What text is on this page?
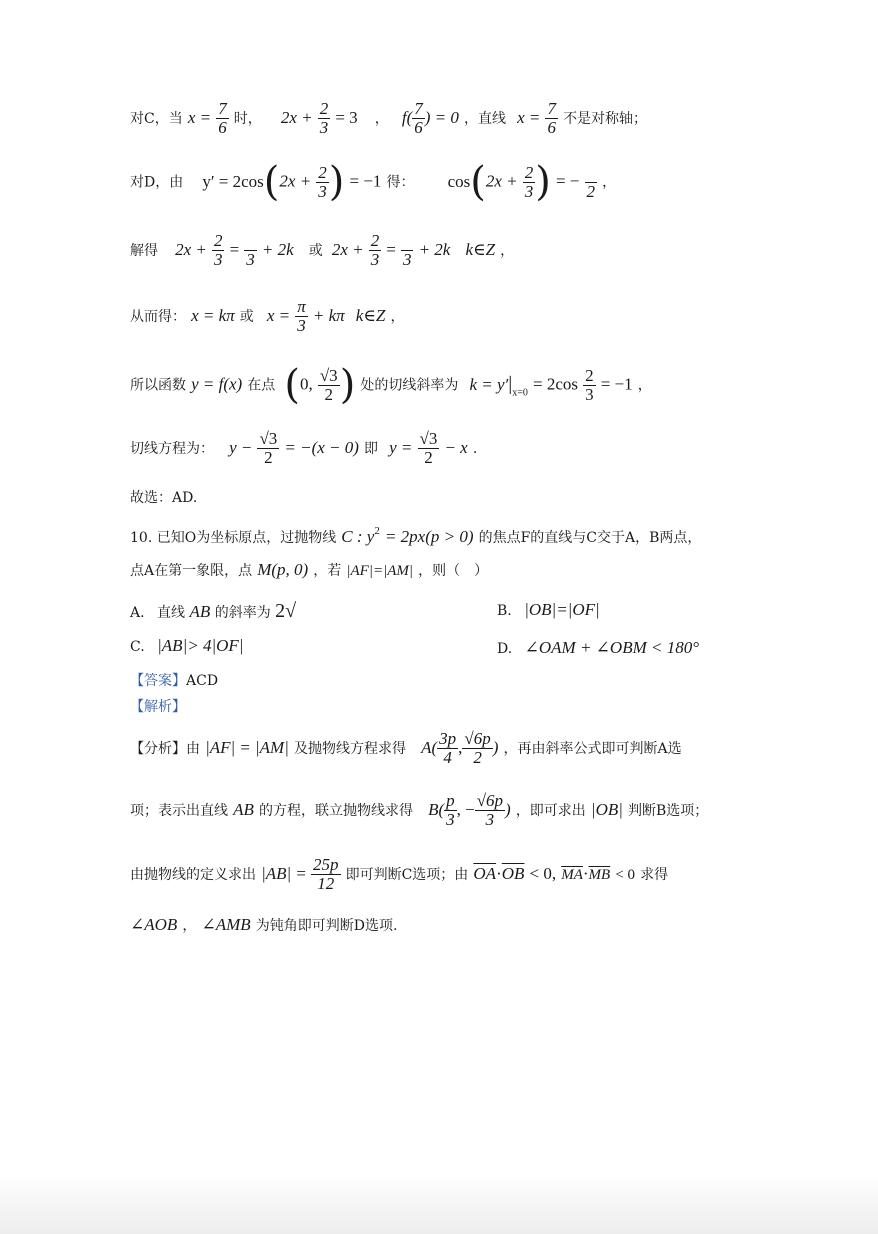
对C，当 $x = \frac{7}{6}$ 时， $2x + \frac{2}{3} = 3$ ， $f( \frac{7}{6}$ ) = 0 ，直线 $x = \frac{7}{6}$ 不是对称轴；
对D，由 $y' = 2\cos(2x + \frac{2}{3}$ ) = −1 得： $\cos(2x + \frac{2}{3}$ ) = −

2 ，
解得 $2x + \frac{2}{3}$ =

3
+ 2k 或 $2x + \frac{2}{3}$ =

3
+ 2k k∈Z ，
从而得： x = kπ 或 $x = \frac{\pi}{3} + k\pi$ k∈Z ，
所以函数 y = f(x) 在点 (0, $\frac{√3}{2}$ ) 处的切线斜率为 $k = y'|_{x=0} = 2\cos \frac{2}{3} = -1$ ，
切线方程为： $y - \frac{√3}{2} = -(x - 0)$ 即 $y = \frac{√3}{2} - x$ .
故选：AD.
10. 已知O为坐标原点，过抛物线 C : $y^2 = 2px(p > 0)$ 的焦点F的直线与C交于A，B两点，
点A在第一象限，点 M(p, 0) ，若 |AF|=|AM| ，则（　）
A. 直线 AB 的斜率为 2√	B. |OB|=|OF|
C. |AB|> 4|OF|	D. ∠OAM + ∠OBM < 180°
【答案】ACD
【解析】
【分析】由 |AF| = |AM| 及抛物线方程求得 $A( \frac{3p}{4}$ , $\frac{√6p}{2}$ ) ，再由斜率公式即可判断A选
项；表示出直线 AB 的方程，联立抛物线求得 $B( \frac{p}{3}$ , − $\frac{√6p}{3}$ ) ，即可求出 |OB| 判断B选项；
由抛物线的定义求出 $|AB| = \frac{25p}{12}$ 即可判断C选项；由 $\overline{OA}\cdot\overline{OB} < 0$, $\overline{MA}\cdot\overline{MB} < 0$ 求得
∠AOB ， ∠AMB 为钝角即可判断D选项.
